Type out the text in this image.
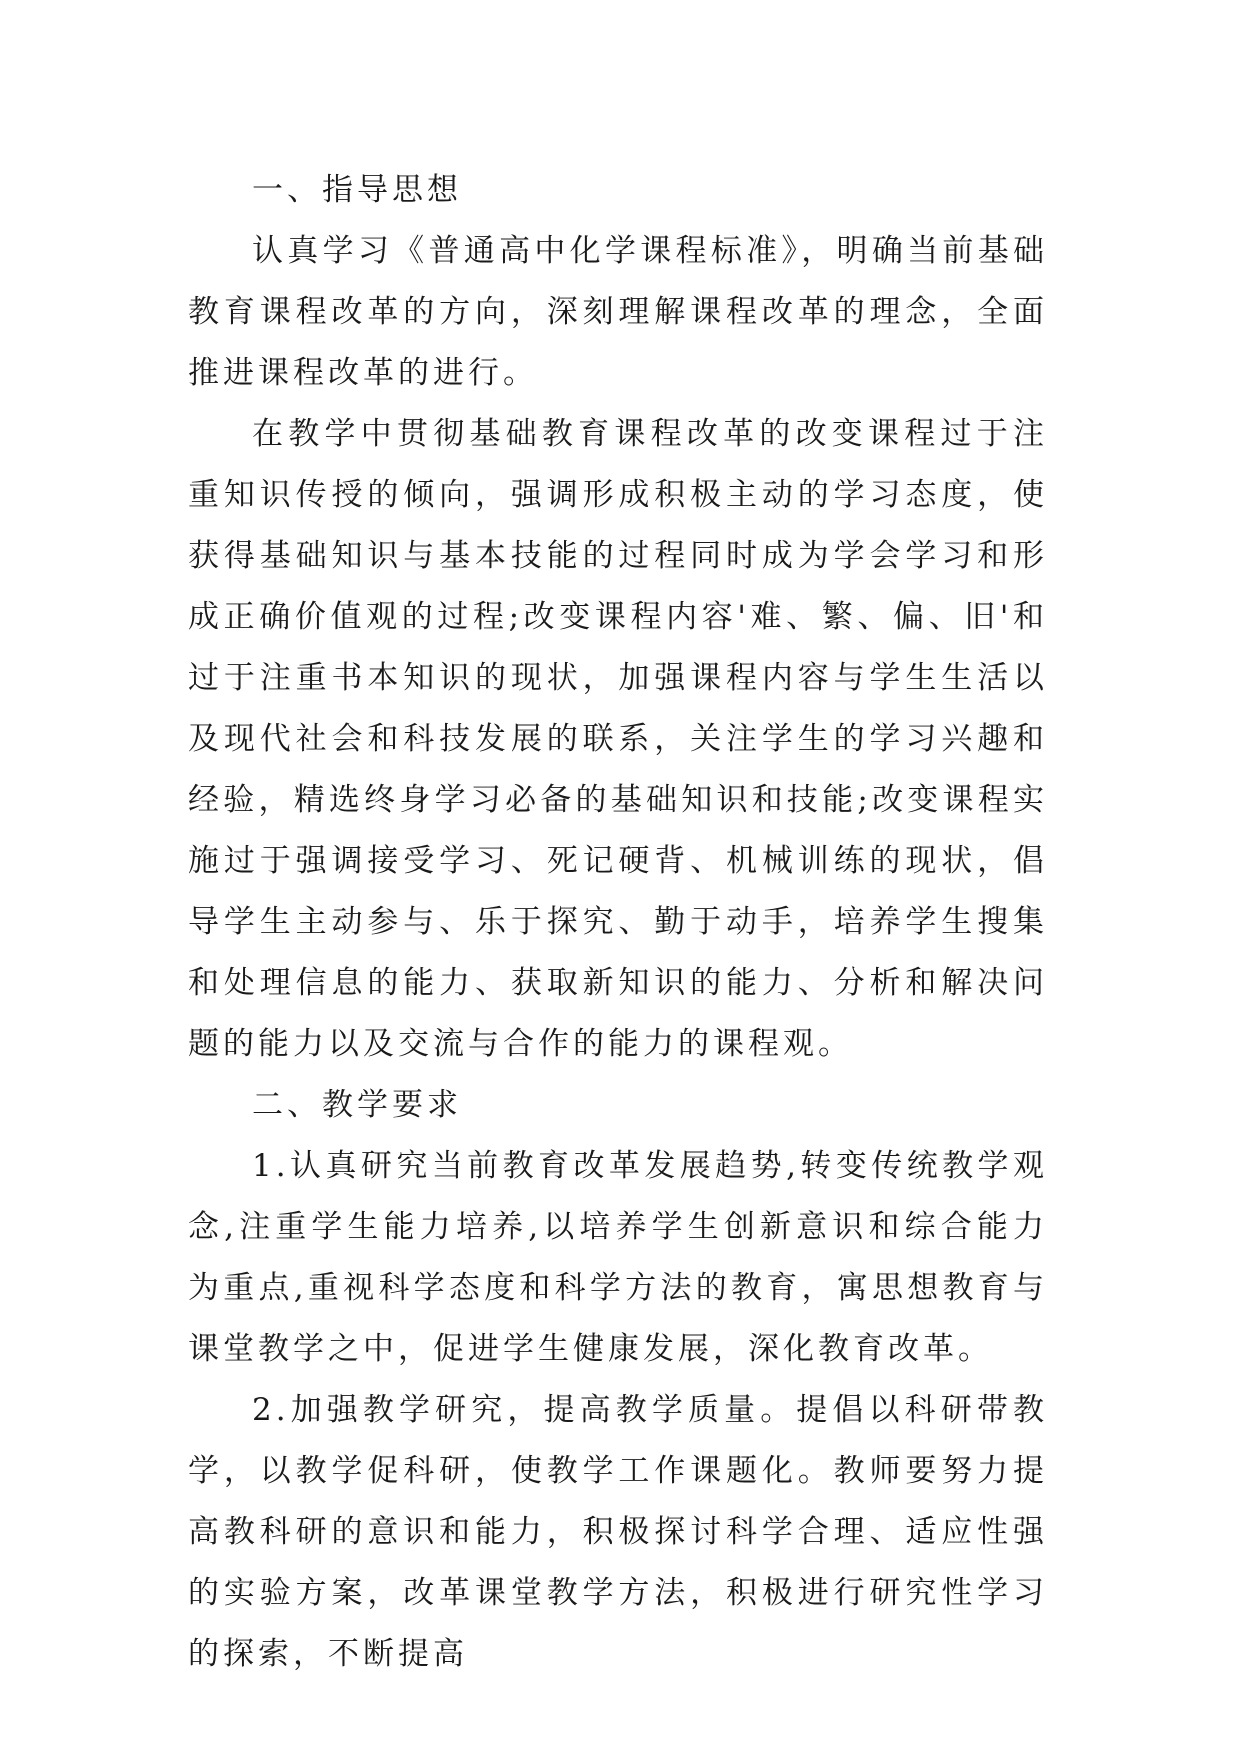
一、指导思想

认真学习《普通高中化学课程标准》，明确当前基础教育课程改革的方向，深刻理解课程改革的理念，全面推进课程改革的进行。

在教学中贯彻基础教育课程改革的改变课程过于注重知识传授的倾向，强调形成积极主动的学习态度，使获得基础知识与基本技能的过程同时成为学会学习和形成正确价值观的过程;改变课程内容'难、繁、偏、旧'和过于注重书本知识的现状，加强课程内容与学生生活以及现代社会和科技发展的联系，关注学生的学习兴趣和经验，精选终身学习必备的基础知识和技能;改变课程实施过于强调接受学习、死记硬背、机械训练的现状，倡导学生主动参与、乐于探究、勤于动手，培养学生搜集和处理信息的能力、获取新知识的能力、分析和解决问题的能力以及交流与合作的能力的课程观。

二、教学要求

1.认真研究当前教育改革发展趋势,转变传统教学观念,注重学生能力培养,以培养学生创新意识和综合能力为重点,重视科学态度和科学方法的教育，寓思想教育与课堂教学之中，促进学生健康发展，深化教育改革。

2.加强教学研究，提高教学质量。提倡以科研带教学，以教学促科研，使教学工作课题化。教师要努力提高教科研的意识和能力，积极探讨科学合理、适应性强的实验方案，改革课堂教学方法，积极进行研究性学习的探索，不断提高
